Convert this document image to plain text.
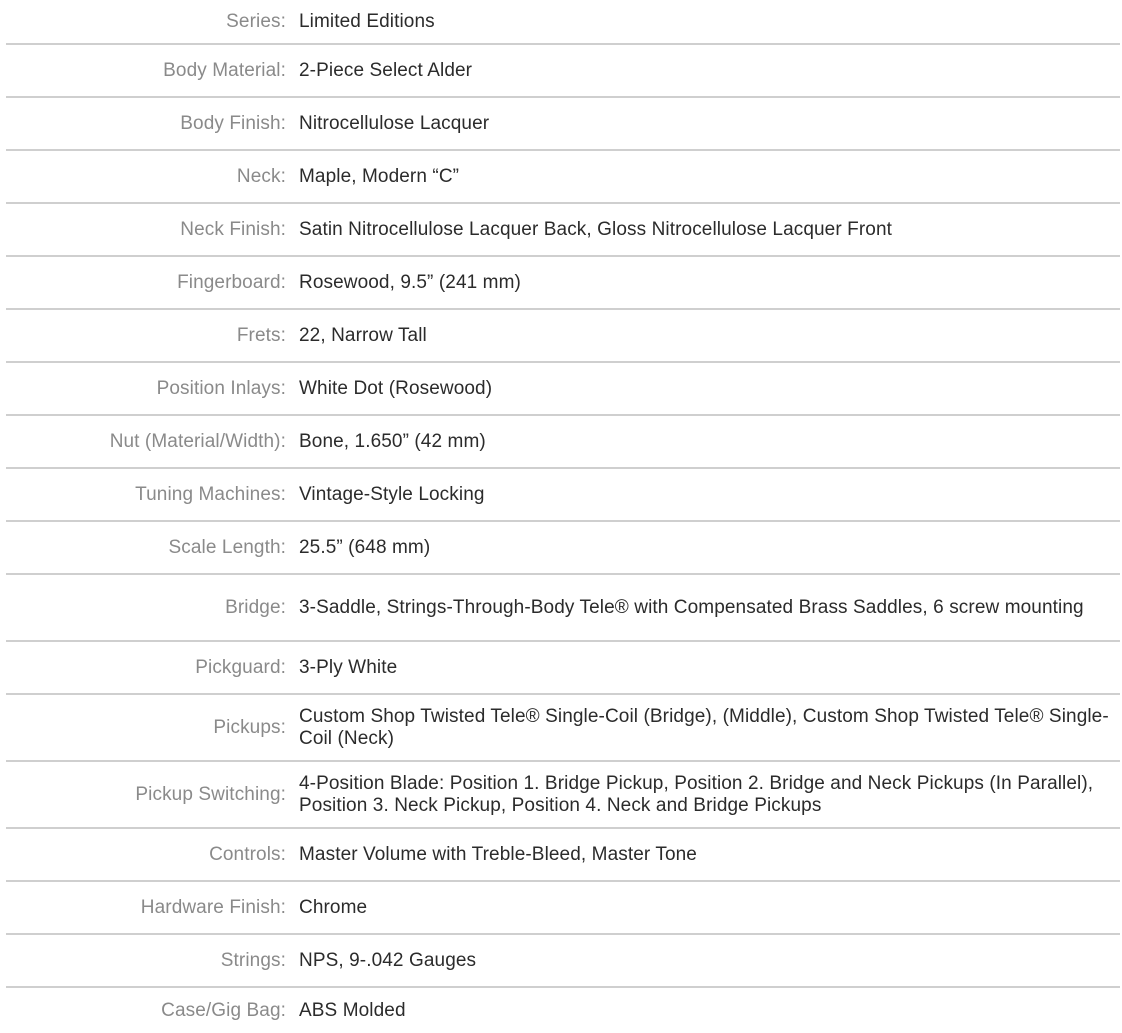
Series: Limited Editions
Body Material: 2-Piece Select Alder
Body Finish: Nitrocellulose Lacquer
Neck: Maple, Modern “C”
Neck Finish: Satin Nitrocellulose Lacquer Back, Gloss Nitrocellulose Lacquer Front
Fingerboard: Rosewood, 9.5” (241 mm)
Frets: 22, Narrow Tall
Position Inlays: White Dot (Rosewood)
Nut (Material/Width): Bone, 1.650” (42 mm)
Tuning Machines: Vintage-Style Locking
Scale Length: 25.5” (648 mm)
Bridge: 3-Saddle, Strings-Through-Body Tele® with Compensated Brass Saddles, 6 screw mounting
Pickguard: 3-Ply White
Pickups:
Custom Shop Twisted Tele® Single-Coil (Bridge), (Middle), Custom Shop Twisted Tele® Single-Coil (Neck)
Pickup Switching:
4-Position Blade: Position 1. Bridge Pickup, Position 2. Bridge and Neck Pickups (In Parallel), Position 3. Neck Pickup, Position 4. Neck and Bridge Pickups
Controls: Master Volume with Treble-Bleed, Master Tone
Hardware Finish: Chrome
Strings: NPS, 9-.042 Gauges
Case/Gig Bag: ABS Molded
